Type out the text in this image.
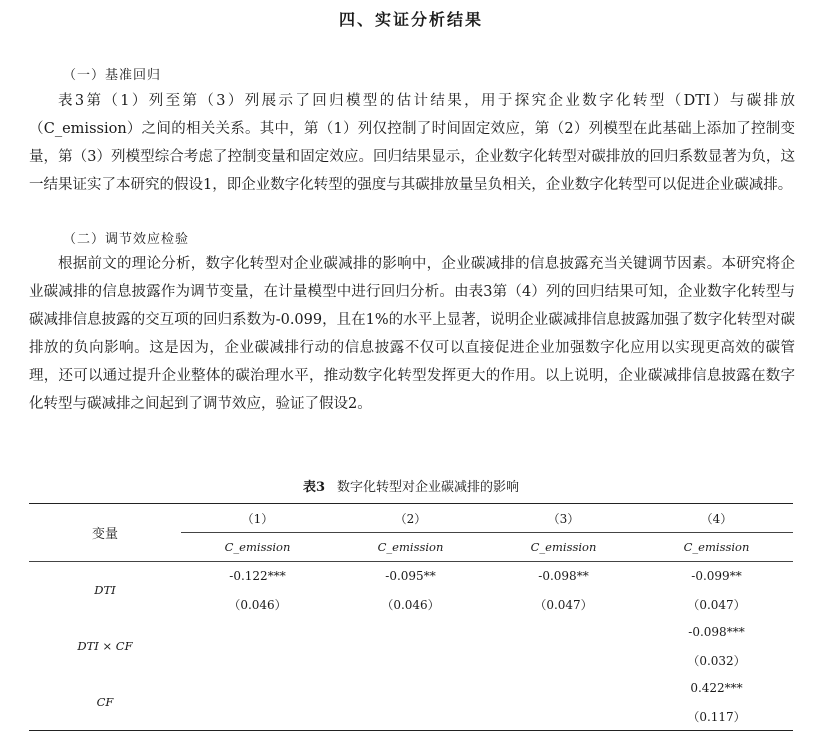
四、实证分析结果

（一）基准回归

表3第（1）列至第（3）列展示了回归模型的估计结果，用于探究企业数字化转型（DTI）与碳排放（C_emission）之间的相关关系。其中，第（1）列仅控制了时间固定效应，第（2）列模型在此基础上添加了控制变量，第（3）列模型综合考虑了控制变量和固定效应。回归结果显示，企业数字化转型对碳排放的回归系数显著为负，这一结果证实了本研究的假设1，即企业数字化转型的强度与其碳排放量呈负相关，企业数字化转型可以促进企业碳减排。

（二）调节效应检验

根据前文的理论分析，数字化转型对企业碳减排的影响中，企业碳减排的信息披露充当关键调节因素。本研究将企业碳减排的信息披露作为调节变量，在计量模型中进行回归分析。由表3第（4）列的回归结果可知，企业数字化转型与碳减排信息披露的交互项的回归系数为-0.099，且在1%的水平上显著，说明企业碳减排信息披露加强了数字化转型对碳排放的负向影响。这是因为，企业碳减排行动的信息披露不仅可以直接促进企业加强数字化应用以实现更高效的碳管理，还可以通过提升企业整体的碳治理水平，推动数字化转型发挥更大的作用。以上说明，企业碳减排信息披露在数字化转型与碳减排之间起到了调节效应，验证了假设2。

表3 数字化转型对企业碳减排的影响

变量	（1）	（2）	（3）	（4）
	C_emission	C_emission	C_emission	C_emission
DTI	-0.122***	-0.095**	-0.098**	-0.099**
	（0.046）	（0.046）	（0.047）	（0.047）
DTI × CF				-0.098***
				（0.032）
CF				0.422***
				（0.117）
